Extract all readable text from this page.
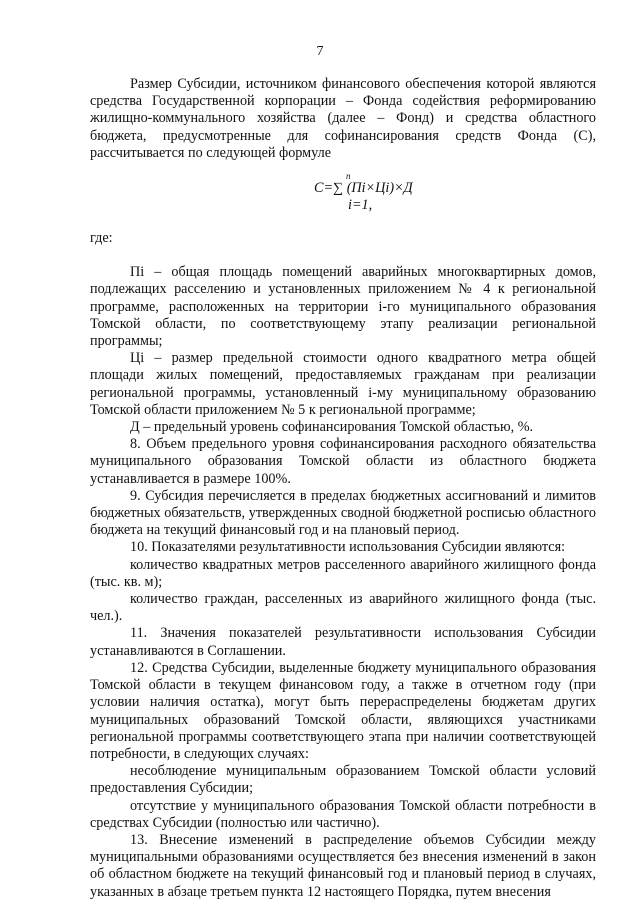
7

Размер Субсидии, источником финансового обеспечения которой являются средства Государственной корпорации – Фонда содействия реформированию жилищно-коммунального хозяйства (далее – Фонд) и средства областного бюджета, предусмотренные для софинансирования средств Фонда (С), рассчитывается по следующей формуле

n
С=∑ (Пi×Цi)×Д
i=1,

где:

Пi – общая площадь помещений аварийных многоквартирных домов, подлежащих расселению и установленных приложением № 4 к региональной программе, расположенных на территории i-го муниципального образования Томской области, по соответствующему этапу реализации региональной программы;

Цi – размер предельной стоимости одного квадратного метра общей площади жилых помещений, предоставляемых гражданам при реализации региональной программы, установленный i-му муниципальному образованию Томской области приложением № 5 к региональной программе;

Д – предельный уровень софинансирования Томской областью, %.

8. Объем предельного уровня софинансирования расходного обязательства муниципального образования Томской области из областного бюджета устанавливается в размере 100%.

9. Субсидия перечисляется в пределах бюджетных ассигнований и лимитов бюджетных обязательств, утвержденных сводной бюджетной росписью областного бюджета на текущий финансовый год и на плановый период.

10. Показателями результативности использования Субсидии являются:

количество квадратных метров расселенного аварийного жилищного фонда (тыс. кв. м);

количество граждан, расселенных из аварийного жилищного фонда (тыс. чел.).

11. Значения показателей результативности использования Субсидии устанавливаются в Соглашении.

12. Средства Субсидии, выделенные бюджету муниципального образования Томской области в текущем финансовом году, а также в отчетном году (при условии наличия остатка), могут быть перераспределены бюджетам других муниципальных образований Томской области, являющихся участниками региональной программы соответствующего этапа при наличии соответствующей потребности, в следующих случаях:

несоблюдение муниципальным образованием Томской области условий предоставления Субсидии;

отсутствие у муниципального образования Томской области потребности в средствах Субсидии (полностью или частично).

13. Внесение изменений в распределение объемов Субсидии между муниципальными образованиями осуществляется без внесения изменений в закон об областном бюджете на текущий финансовый год и плановый период в случаях, указанных в абзаце третьем пункта 12 настоящего Порядка, путем внесения
